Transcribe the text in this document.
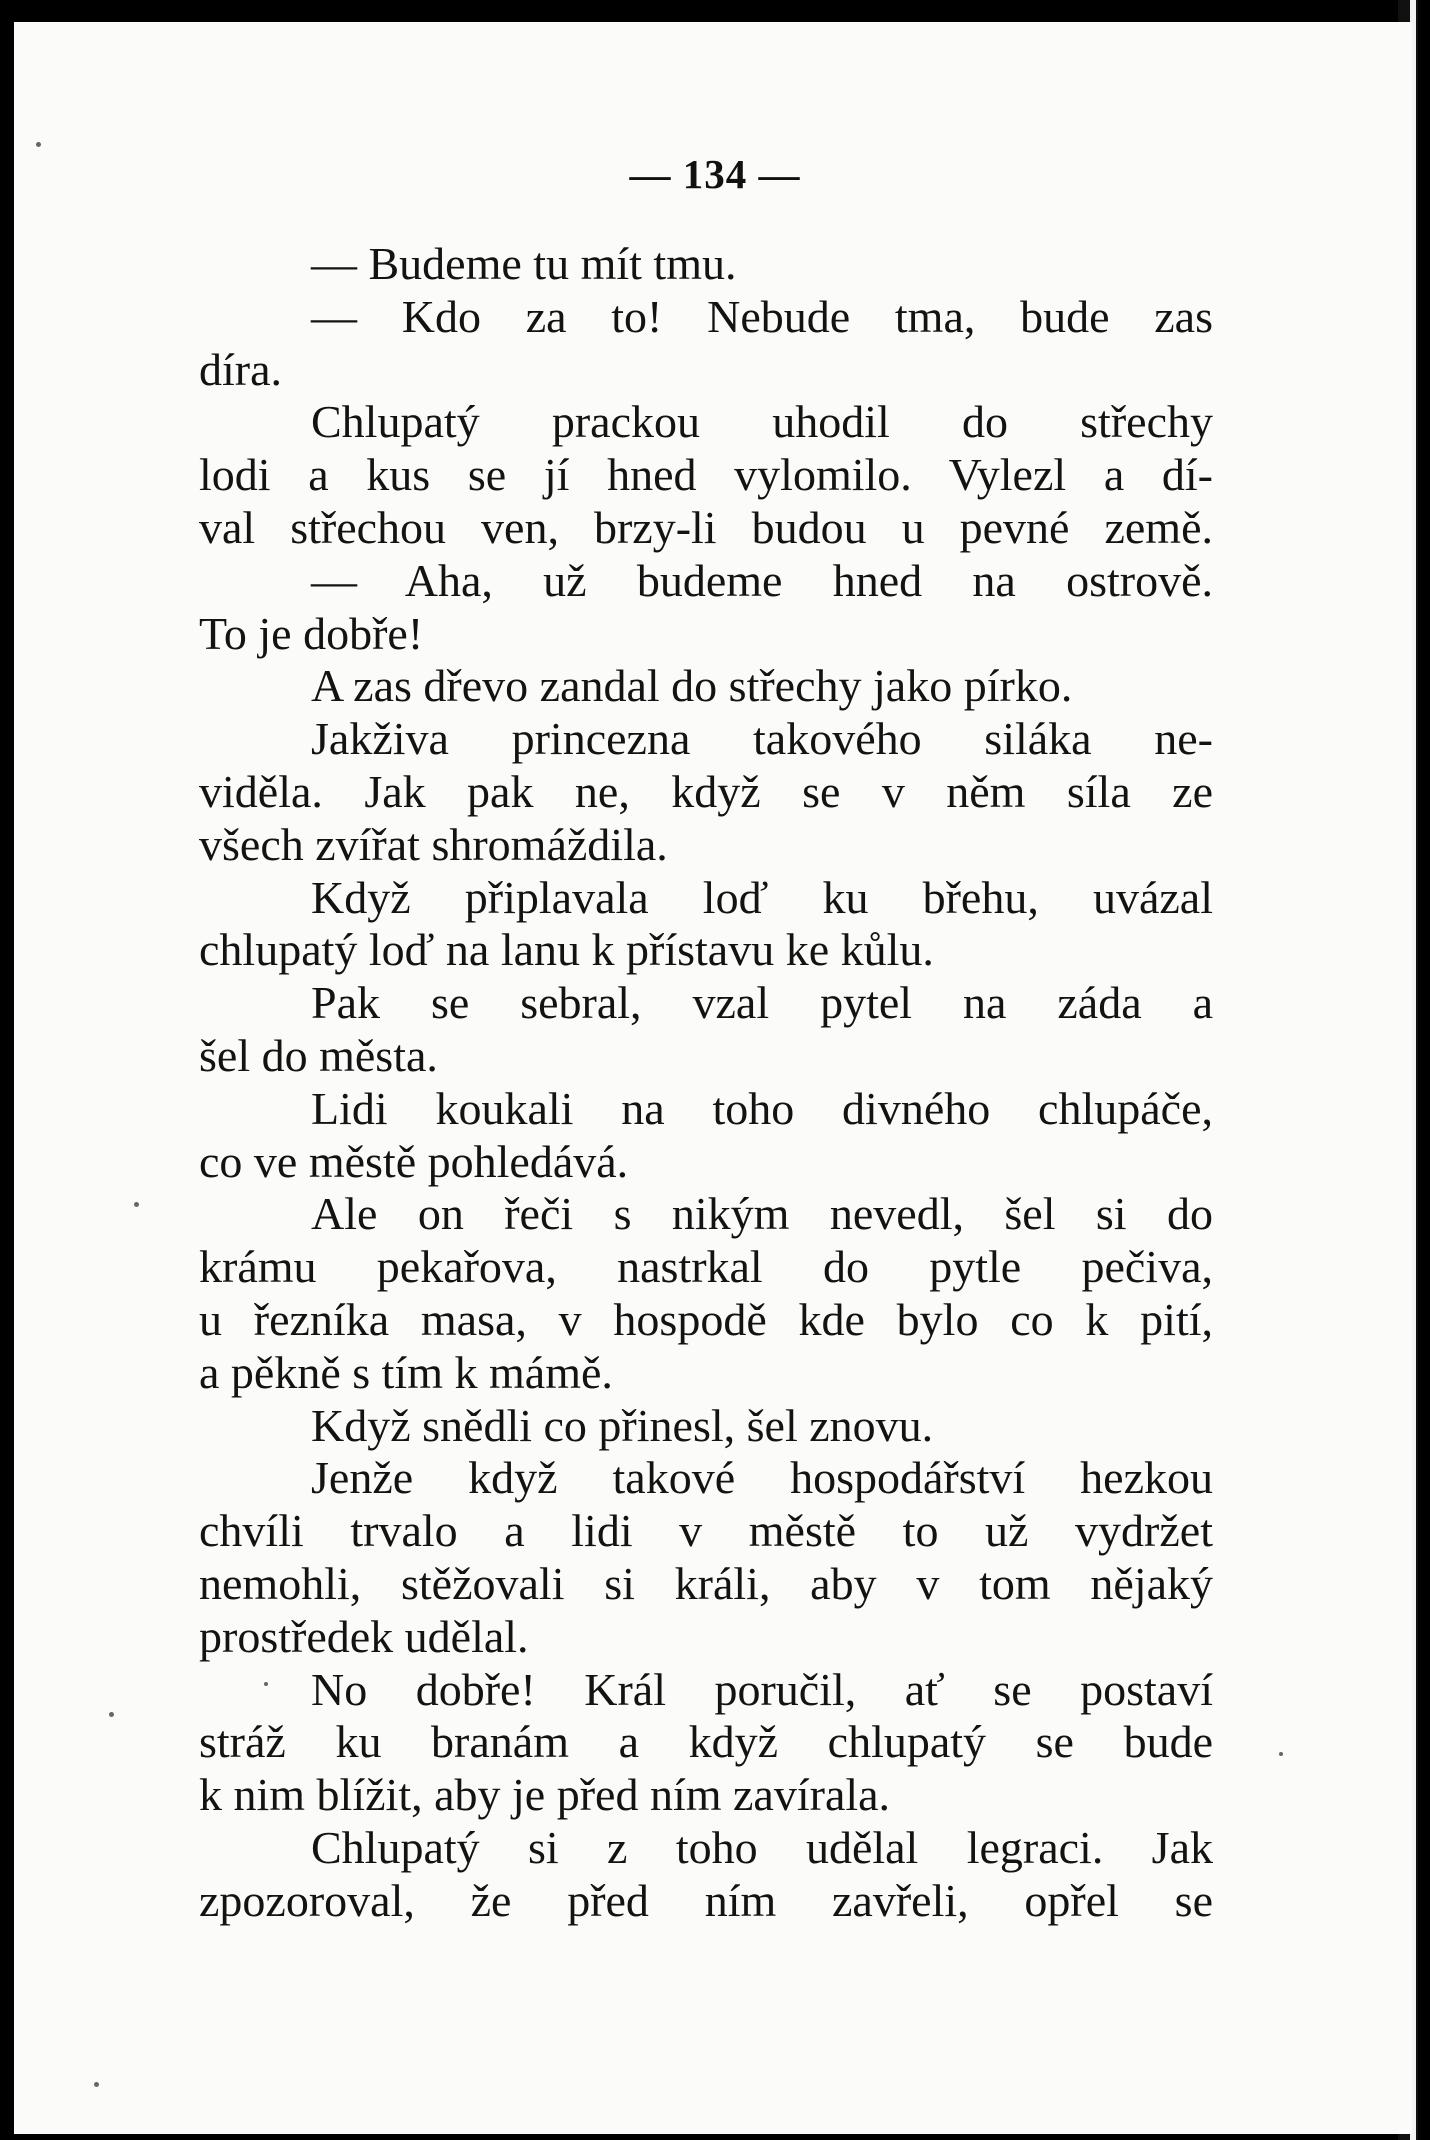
— 134 —
— Budeme tu mít tmu.
— Kdo za to! Nebude tma, bude zas
díra.
Chlupatý prackou uhodil do střechy
lodi a kus se jí hned vylomilo. Vylezl a dí-
val střechou ven, brzy-li budou u pevné země.
— Aha, už budeme hned na ostrově.
To je dobře!
A zas dřevo zandal do střechy jako pírko.
Jakživa princezna takového siláka ne-
viděla. Jak pak ne, když se v něm síla ze
všech zvířat shromáždila.
Když připlavala loď ku břehu, uvázal
chlupatý loď na lanu k přístavu ke kůlu.
Pak se sebral, vzal pytel na záda a
šel do města.
Lidi koukali na toho divného chlupáče,
co ve městě pohledává.
Ale on řeči s nikým nevedl, šel si do
krámu pekařova, nastrkal do pytle pečiva,
u řezníka masa, v hospodě kde bylo co k pití,
a pěkně s tím k mámě.
Když snědli co přinesl, šel znovu.
Jenže když takové hospodářství hezkou
chvíli trvalo a lidi v městě to už vydržet
nemohli, stěžovali si králi, aby v tom nějaký
prostředek udělal.
No dobře! Král poručil, ať se postaví
stráž ku branám a když chlupatý se bude
k nim blížit, aby je před ním zavírala.
Chlupatý si z toho udělal legraci. Jak
zpozoroval, že před ním zavřeli, opřel se
